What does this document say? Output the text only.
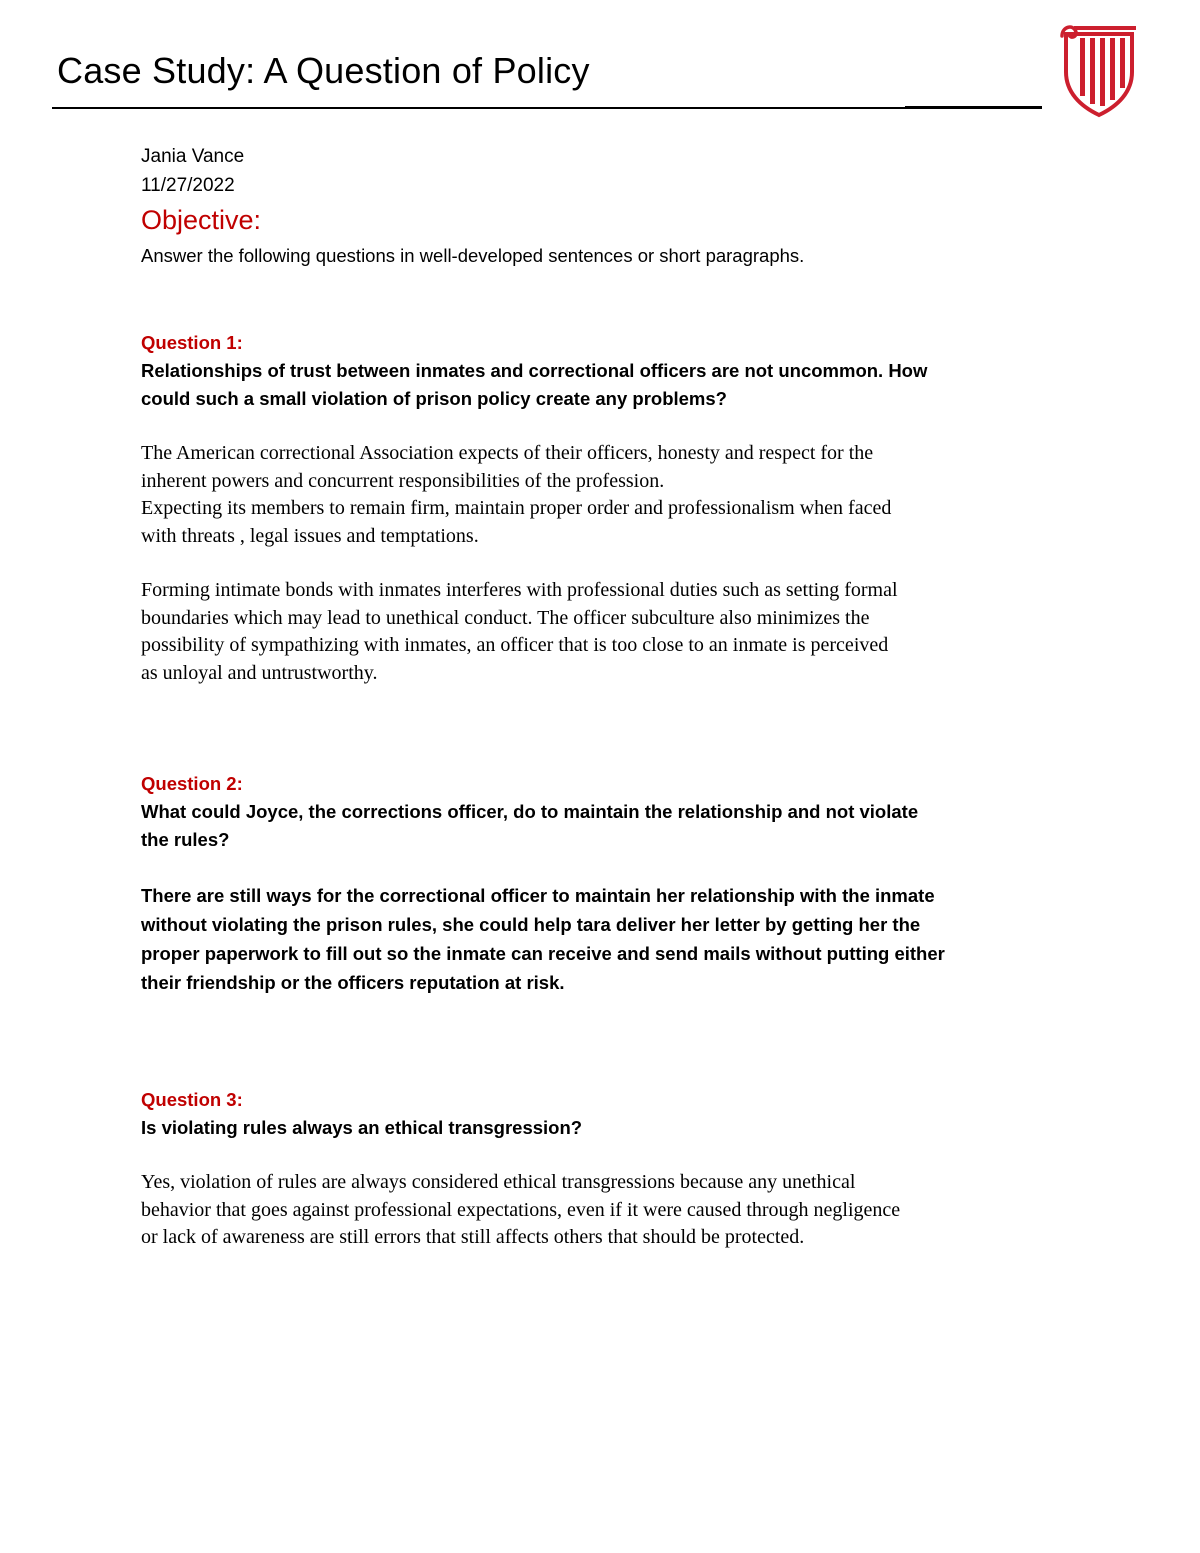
Case Study: A Question of Policy
Jania Vance
11/27/2022
Objective:
Answer the following questions in well-developed sentences or short paragraphs.
Question 1:
Relationships of trust between inmates and correctional officers are not uncommon. How
could such a small violation of prison policy create any problems?

The American correctional Association expects of their officers, honesty and respect for the
inherent powers and concurrent responsibilities of the profession.
Expecting its members to remain firm, maintain proper order and professionalism when faced
with threats , legal issues and temptations.

Forming intimate bonds with inmates interferes with professional duties such as setting formal
boundaries which may lead to unethical conduct. The officer subculture also minimizes the
possibility of sympathizing with inmates, an officer that is too close to an inmate is perceived
as unloyal and untrustworthy.

Question 2:
What could Joyce, the corrections officer, do to maintain the relationship and not violate
the rules?

There are still ways for the correctional officer to maintain her relationship with the inmate
without violating the prison rules, she could help tara deliver her letter by getting her the
proper paperwork to fill out so the inmate can receive and send mails without putting either
their friendship or the officers reputation at risk.

Question 3:
Is violating rules always an ethical transgression?

Yes, violation of rules are always considered ethical transgressions because any unethical
behavior that goes against professional expectations, even if it were caused through negligence
or lack of awareness are still errors that still affects others that should be protected.
